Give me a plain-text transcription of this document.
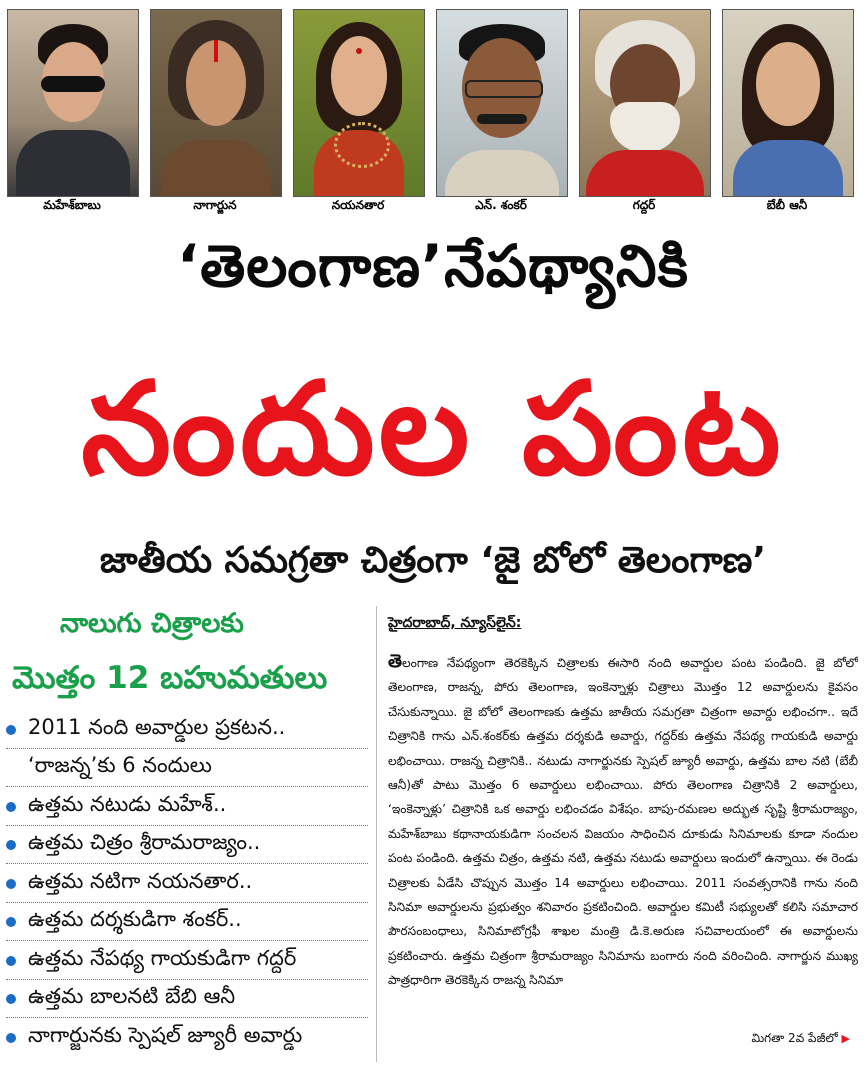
మహేశ్‌బాబు	నాగార్జున	నయనతార	ఎన్. శంకర్	గద్దర్	బేబీ ఆనీ
‘తెలంగాణ’నేపథ్యానికి
నందుల పంట
జాతీయ సమగ్రతా చిత్రంగా ‘జై బోలో తెలంగాణ’
నాలుగు చిత్రాలకు
మొత్తం 12 బహుమతులు
2011 నంది అవార్డుల ప్రకటన..
‘రాజన్న’కు 6 నందులు
ఉత్తమ నటుడు మహేశ్..
ఉత్తమ చిత్రం శ్రీరామరాజ్యం..
ఉత్తమ నటిగా నయనతార..
ఉత్తమ దర్శకుడిగా శంకర్..
ఉత్తమ నేపథ్య గాయకుడిగా గద్దర్
ఉత్తమ బాలనటి బేబి ఆనీ
నాగార్జునకు స్పెషల్ జ్యూరీ అవార్డు
హైదరాబాద్, న్యూస్‌లైన్:
తెలంగాణ నేపథ్యంగా తెరకెక్కిన చిత్రాలకు ఈసారి నంది అవార్డుల పంట పండింది. జై బోలో తెలంగాణ, రాజన్న, పోరు తెలంగాణ, ఇంకెన్నాళ్లు చిత్రాలు మొత్తం 12 అవార్డులను కైవసం చేసుకున్నాయి. జై బోలో తెలంగాణకు ఉత్తమ జాతీయ సమగ్రతా చిత్రంగా అవార్డు లభించగా.. ఇదే చిత్రానికి గాను ఎన్.శంకర్‌కు ఉత్తమ దర్శకుడి అవార్డు, గద్దర్‌కు ఉత్తమ నేపథ్య గాయకుడి అవార్డు లభించాయి. రాజన్న చిత్రానికి.. నటుడు నాగార్జునకు స్పెషల్ జ్యూరీ అవార్డు, ఉత్తమ బాల నటి (బేబీ ఆనీ)తో పాటు మొత్తం 6 అవార్డులు లభించాయి. పోరు తెలంగాణ చిత్రానికి 2 అవార్డులు, ‘ఇంకెన్నాళ్లు’ చిత్రానికి ఒక అవార్డు లభించడం విశేషం. బాపు-రమణల అద్భుత సృష్టి శ్రీరామరాజ్యం, మహేశ్‌బాబు కథానాయకుడిగా సంచలన విజయం సాధించిన దూకుడు సినిమాలకు కూడా నందుల పంట పండింది. ఉత్తమ చిత్రం, ఉత్తమ నటి, ఉత్తమ నటుడు అవార్డులు ఇందులో ఉన్నాయి. ఈ రెండు చిత్రాలకు ఏడేసి చొప్పున మొత్తం 14 అవార్డులు లభించాయి. 2011 సంవత్సరానికి గాను నంది సినిమా అవార్డులను ప్రభుత్వం శనివారం ప్రకటించింది. అవార్డుల కమిటీ సభ్యులతో కలిసి సమాచార పౌరసంబంధాలు, సినిమాటోగ్రఫీ శాఖల మంత్రి డి.కె.అరుణ సచివాలయంలో ఈ అవార్డులను ప్రకటించారు. ఉత్తమ చిత్రంగా శ్రీరామరాజ్యం సినిమాను బంగారు నంది వరించింది. నాగార్జున ముఖ్య పాత్రధారిగా తెరకెక్కిన రాజన్న సినిమా
మిగతా 2వ పేజీలో ▶
